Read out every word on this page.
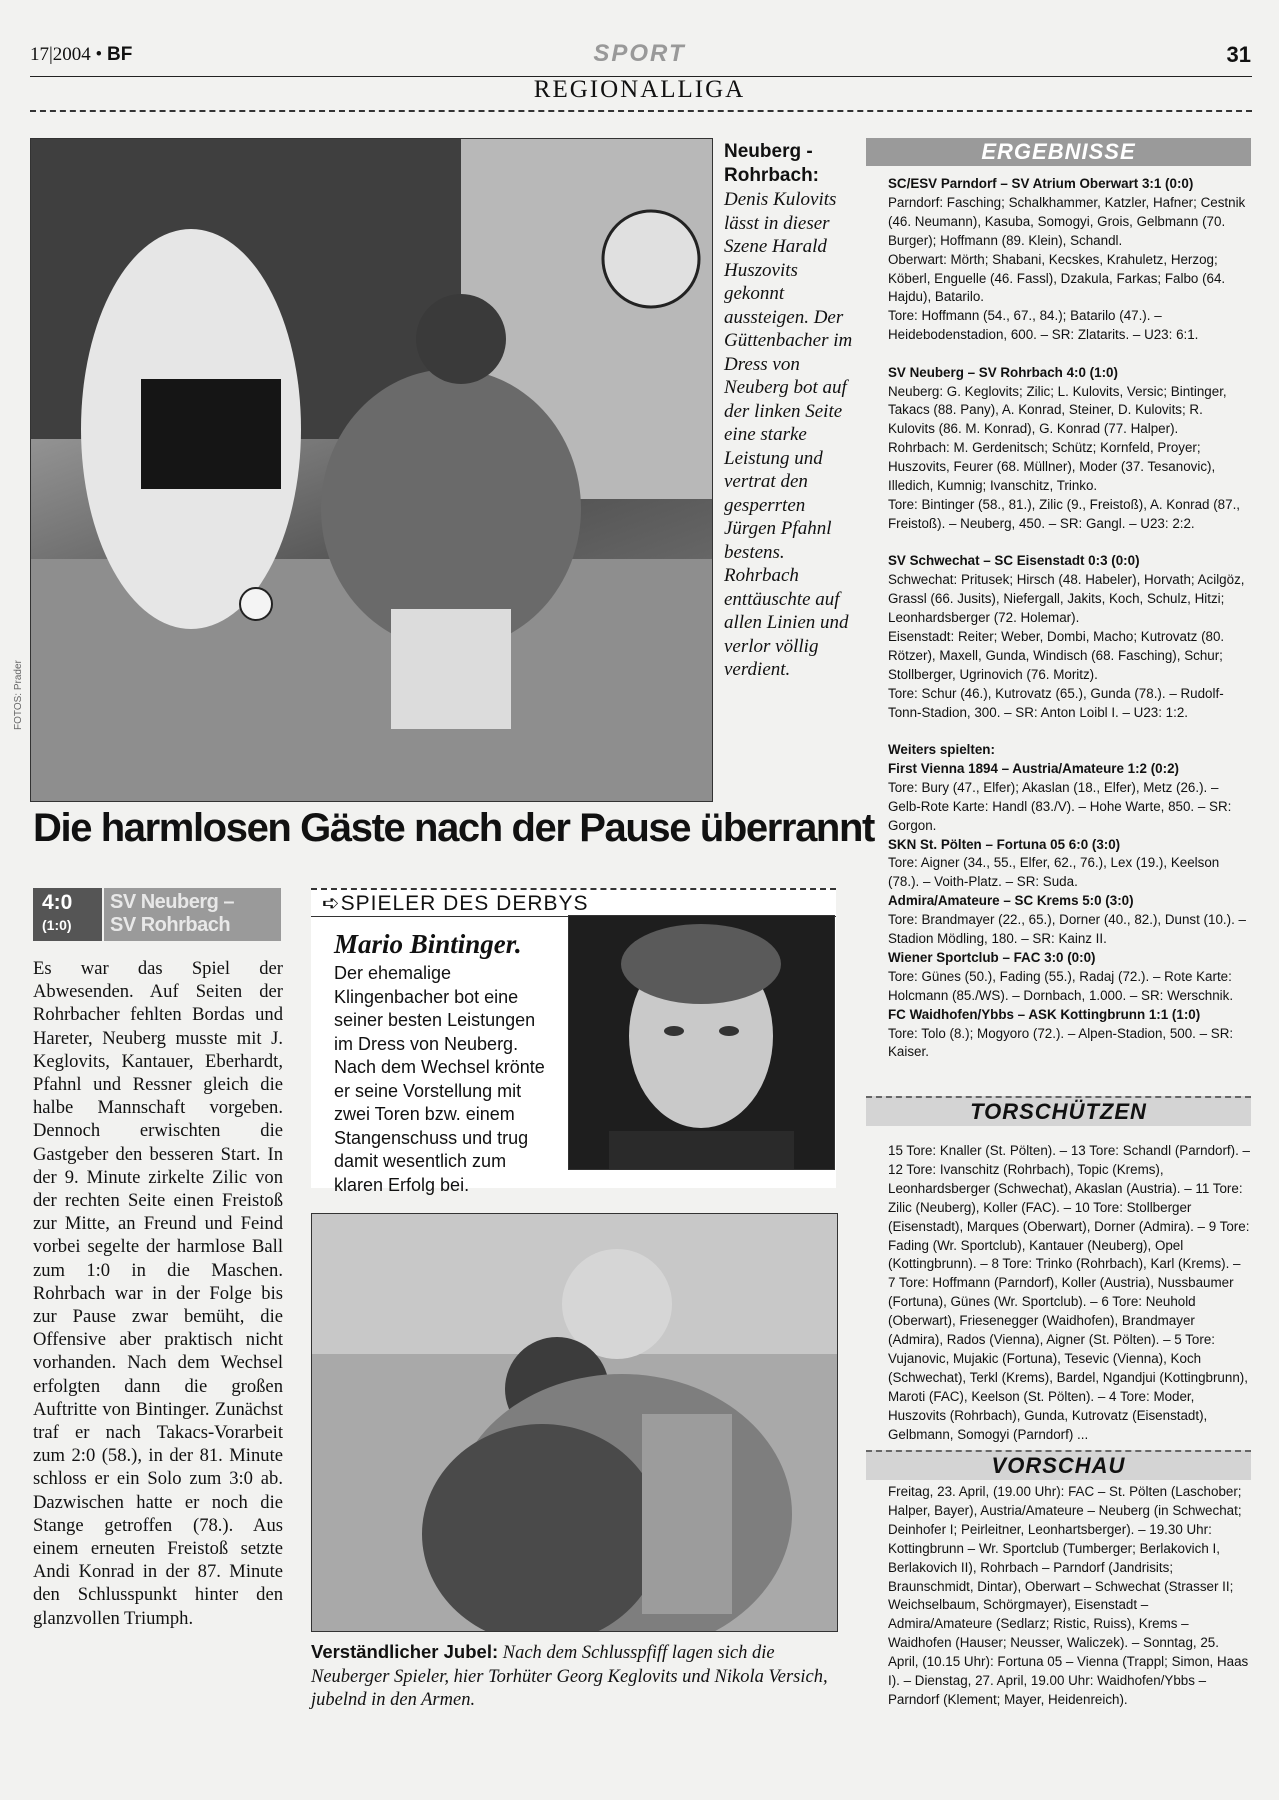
17|2004 • BF	SPORT	31
REGIONALLIGA
FOTOS: Prader
Neuberg - Rohrbach:
Denis Kulovits lässt in dieser Szene Harald Huszovits gekonnt aussteigen. Der Güttenbacher im Dress von Neuberg bot auf der linken Seite eine starke Leistung und vertrat den gesperrten Jürgen Pfahnl bestens. Rohrbach enttäuschte auf allen Linien und verlor völlig verdient.
Die harmlosen Gäste nach der Pause überrannt
4:0
(1:0)
SV Neuberg –
SV Rohrbach
Es war das Spiel der Abwesenden. Auf Seiten der Rohrbacher fehlten Bordas und Hareter, Neuberg musste mit J. Keglovits, Kantauer, Eberhardt, Pfahnl und Ressner gleich die halbe Mannschaft vorgeben. Dennoch erwischten die Gastgeber den besseren Start. In der 9. Minute zirkelte Zilic von der rechten Seite einen Freistoß zur Mitte, an Freund und Feind vorbei segelte der harmlose Ball zum 1:0 in die Maschen. Rohrbach war in der Folge bis zur Pause zwar bemüht, die Offensive aber praktisch nicht vorhanden. Nach dem Wechsel erfolgten dann die großen Auftritte von Bintinger. Zunächst traf er nach Takacs-Vorarbeit zum 2:0 (58.), in der 81. Minute schloss er ein Solo zum 3:0 ab. Dazwischen hatte er noch die Stange getroffen (78.). Aus einem erneuten Freistoß setzte Andi Konrad in der 87. Minute den Schlusspunkt hinter den glanzvollen Triumph.
➪SPIELER DES DERBYS
Mario Bintinger.
Der ehemalige Klingenbacher bot eine seiner besten Leistungen im Dress von Neuberg. Nach dem Wechsel krönte er seine Vorstellung mit zwei Toren bzw. einem Stangenschuss und trug damit wesentlich zum klaren Erfolg bei.
Verständlicher Jubel: Nach dem Schlusspfiff lagen sich die Neuberger Spieler, hier Torhüter Georg Keglovits und Nikola Versich, jubelnd in den Armen.
ERGEBNISSE

SC/ESV Parndorf – SV Atrium Oberwart 3:1 (0:0)

Parndorf: Fasching; Schalkhammer, Katzler, Hafner; Cestnik (46. Neumann), Kasuba, Somogyi, Grois, Gelbmann (70. Burger); Hoffmann (89. Klein), Schandl.

Oberwart: Mörth; Shabani, Kecskes, Krahuletz, Herzog; Köberl, Enguelle (46. Fassl), Dzakula, Farkas; Falbo (64. Hajdu), Batarilo.

Tore: Hoffmann (54., 67., 84.); Batarilo (47.). – Heidebodenstadion, 600. – SR: Zlatarits. – U23: 6:1.

SV Neuberg – SV Rohrbach 4:0 (1:0)

Neuberg: G. Keglovits; Zilic; L. Kulovits, Versic; Bintinger, Takacs (88. Pany), A. Konrad, Steiner, D. Kulovits; R. Kulovits (86. M. Konrad), G. Konrad (77. Halper).

Rohrbach: M. Gerdenitsch; Schütz; Kornfeld, Proyer; Huszovits, Feurer (68. Müllner), Moder (37. Tesanovic), Illedich, Kumnig; Ivanschitz, Trinko.

Tore: Bintinger (58., 81.), Zilic (9., Freistoß), A. Konrad (87., Freistoß). – Neuberg, 450. – SR: Gangl. – U23: 2:2.

SV Schwechat – SC Eisenstadt 0:3 (0:0)

Schwechat: Pritusek; Hirsch (48. Habeler), Horvath; Acilgöz, Grassl (66. Jusits), Niefergall, Jakits, Koch, Schulz, Hitzi; Leonhardsberger (72. Holemar).

Eisenstadt: Reiter; Weber, Dombi, Macho; Kutrovatz (80. Rötzer), Maxell, Gunda, Windisch (68. Fasching), Schur; Stollberger, Ugrinovich (76. Moritz).

Tore: Schur (46.), Kutrovatz (65.), Gunda (78.). – Rudolf-Tonn-Stadion, 300. – SR: Anton Loibl I. – U23: 1:2.

Weiters spielten:

First Vienna 1894 – Austria/Amateure 1:2 (0:2)

Tore: Bury (47., Elfer); Akaslan (18., Elfer), Metz (26.). – Gelb-Rote Karte: Handl (83./V). – Hohe Warte, 850. – SR: Gorgon.

SKN St. Pölten – Fortuna 05 6:0 (3:0)

Tore: Aigner (34., 55., Elfer, 62., 76.), Lex (19.), Keelson (78.). – Voith-Platz. – SR: Suda.

Admira/Amateure – SC Krems 5:0 (3:0)

Tore: Brandmayer (22., 65.), Dorner (40., 82.), Dunst (10.). – Stadion Mödling, 180. – SR: Kainz II.

Wiener Sportclub – FAC 3:0 (0:0)

Tore: Günes (50.), Fading (55.), Radaj (72.). – Rote Karte: Holcmann (85./WS). – Dornbach, 1.000. – SR: Werschnik.

FC Waidhofen/Ybbs – ASK Kottingbrunn 1:1 (1:0)

Tore: Tolo (8.); Mogyoro (72.). – Alpen-Stadion, 500. – SR: Kaiser.

TORSCHÜTZEN
15 Tore: Knaller (St. Pölten). – 13 Tore: Schandl (Parndorf). – 12 Tore: Ivanschitz (Rohrbach), Topic (Krems), Leonhardsberger (Schwechat), Akaslan (Austria). – 11 Tore: Zilic (Neuberg), Koller (FAC). – 10 Tore: Stollberger (Eisenstadt), Marques (Oberwart), Dorner (Admira). – 9 Tore: Fading (Wr. Sportclub), Kantauer (Neuberg), Opel (Kottingbrunn). – 8 Tore: Trinko (Rohrbach), Karl (Krems). – 7 Tore: Hoffmann (Parndorf), Koller (Austria), Nussbaumer (Fortuna), Günes (Wr. Sportclub). – 6 Tore: Neuhold (Oberwart), Friesenegger (Waidhofen), Brandmayer (Admira), Rados (Vienna), Aigner (St. Pölten). – 5 Tore: Vujanovic, Mujakic (Fortuna), Tesevic (Vienna), Koch (Schwechat), Terkl (Krems), Bardel, Ngandjui (Kottingbrunn), Maroti (FAC), Keelson (St. Pölten). – 4 Tore: Moder, Huszovits (Rohrbach), Gunda, Kutrovatz (Eisenstadt), Gelbmann, Somogyi (Parndorf) ...
VORSCHAU
Freitag, 23. April, (19.00 Uhr): FAC – St. Pölten (Laschober; Halper, Bayer), Austria/Amateure – Neuberg (in Schwechat; Deinhofer I; Peirleitner, Leonhartsberger). – 19.30 Uhr: Kottingbrunn – Wr. Sportclub (Tumberger; Berlakovich I, Berlakovich II), Rohrbach – Parndorf (Jandrisits; Braunschmidt, Dintar), Oberwart – Schwechat (Strasser II; Weichselbaum, Schörgmayer), Eisenstadt – Admira/Amateure (Sedlarz; Ristic, Ruiss), Krems – Waidhofen (Hauser; Neusser, Waliczek). – Sonntag, 25. April, (10.15 Uhr): Fortuna 05 – Vienna (Trappl; Simon, Haas I). – Dienstag, 27. April, 19.00 Uhr: Waidhofen/Ybbs – Parndorf (Klement; Mayer, Heidenreich).
